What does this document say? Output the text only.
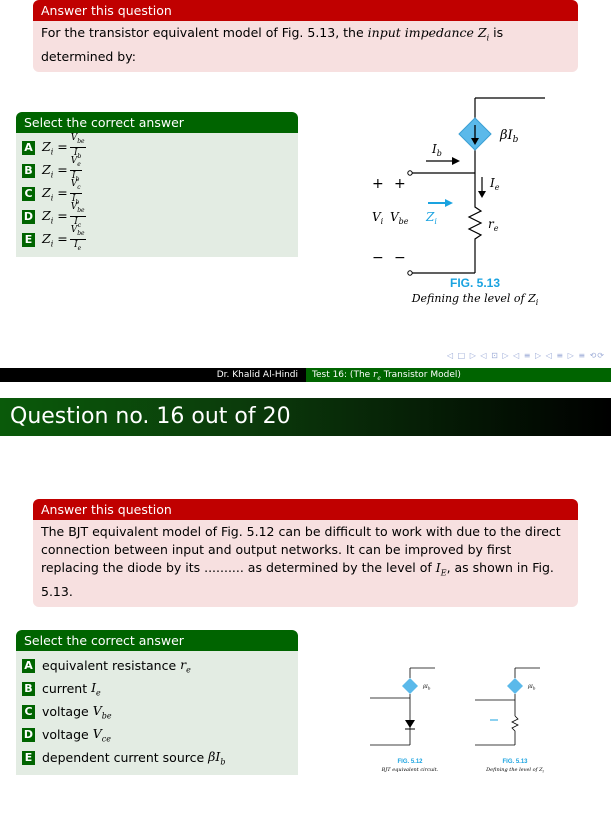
Answer this question
For the transistor equivalent model of Fig. 5.13, the input impedance $Z_i$ is determined by:
Select the correct answer
A $Z_i = \frac{V_{be}}{I_b}$
B $Z_i = \frac{V_e}{I_b}$
C $Z_i = \frac{V_c}{I_b}$
D $Z_i = \frac{V_{be}}{I_c}$
E $Z_i = \frac{V_{be}}{I_e}$
$\beta I_b$
$I_b$
$I_e$
$r_e$
+ +
− −
$V_i$ $V_{be}$ $Z_i$
FIG. 5.13
Defining the level of $Z_i$
◁ □ ▷ ◁ ⊡ ▷ ◁ ≡ ▷ ◁ ≡ ▷ ≡ ⟲⟳
Dr. Khalid Al-Hindi	Test 16: (The $r_e$ Transistor Model)
Question no. 16 out of 20
Answer this question
The BJT equivalent model of Fig. 5.12 can be difficult to work with due to the direct connection between input and output networks. It can be improved by first replacing the diode by its .......... as determined by the level of $I_E$, as shown in Fig. 5.13.
Select the correct answer
A equivalent resistance
$r_e$
B current
$I_e$
C voltage
$V_{be}$
D voltage
$V_{ce}$
E dependent current source
$\beta I_b$
$\beta I_b$
FIG. 5.12
BJT equivalent circuit.
$\beta I_b$
FIG. 5.13
Defining the level of $Z_i$
